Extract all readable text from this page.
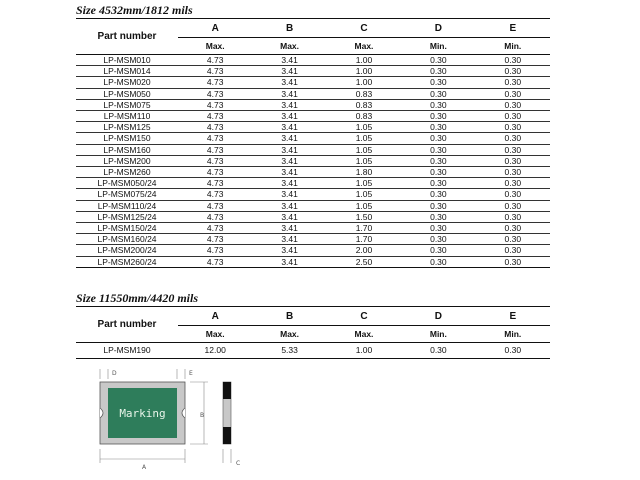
Size 4532mm/1812 mils
Part number	A	B	C	D	E
	Max.	Max.	Max.	Min.	Min.
LP-MSM010	4.73	3.41	1.00	0.30	0.30
LP-MSM014	4.73	3.41	1.00	0.30	0.30
LP-MSM020	4.73	3.41	1.00	0.30	0.30
LP-MSM050	4.73	3.41	0.83	0.30	0.30
LP-MSM075	4.73	3.41	0.83	0.30	0.30
LP-MSM110	4.73	3.41	0.83	0.30	0.30
LP-MSM125	4.73	3.41	1.05	0.30	0.30
LP-MSM150	4.73	3.41	1.05	0.30	0.30
LP-MSM160	4.73	3.41	1.05	0.30	0.30
LP-MSM200	4.73	3.41	1.05	0.30	0.30
LP-MSM260	4.73	3.41	1.80	0.30	0.30
LP-MSM050/24	4.73	3.41	1.05	0.30	0.30
LP-MSM075/24	4.73	3.41	1.05	0.30	0.30
LP-MSM110/24	4.73	3.41	1.05	0.30	0.30
LP-MSM125/24	4.73	3.41	1.50	0.30	0.30
LP-MSM150/24	4.73	3.41	1.70	0.30	0.30
LP-MSM160/24	4.73	3.41	1.70	0.30	0.30
LP-MSM200/24	4.73	3.41	2.00	0.30	0.30
LP-MSM260/24	4.73	3.41	2.50	0.30	0.30
Size 11550mm/4420 mils
Part number	A	B	C	D	E
	Max.	Max.	Max.	Min.	Min.
LP-MSM190	12.00	5.33	1.00	0.30	0.30
Marking
D	E
A
B
C
